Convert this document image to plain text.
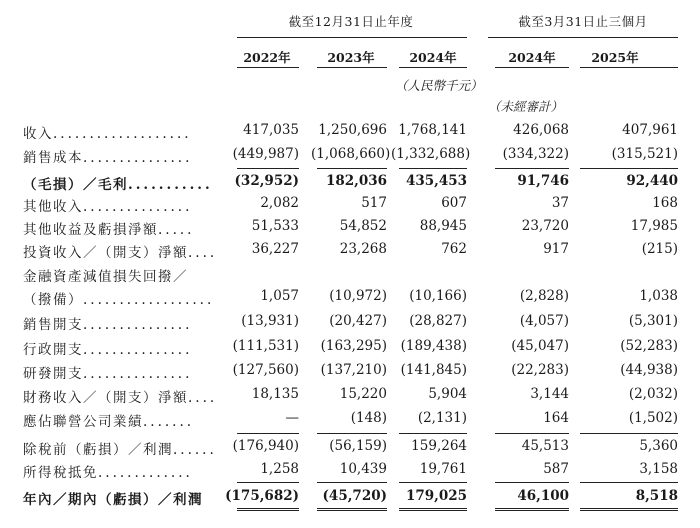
截至12月31日止年度	截至3月31日止三個月
2022年	2023年	2024年	2024年	2025年
（人民幣千元）
（未經審計）
收入...................	417,035	1,250,696 1,768,141	426,068	407,961
銷售成本...............	(449,987) (1,068,660) (1,332,688)	(334,322)	(315,521)
（毛損）／毛利...........	(32,952)	182,036	435,453	91,746	92,440
其他收入...............	2,082	517	607	37	168
其他收益及虧損淨額.....	51,533	54,852	88,945	23,720	17,985
投資收入／（開支）淨額....	36,227	23,268	762	917	(215)
金融資產減值損失回撥／
（撥備）..................	1,057	(10,972)	(10,166)	(2,828)	1,038
銷售開支...............	(13,931)	(20,427)	(28,827)	(4,057)	(5,301)
行政開支...............	(111,531)	(163,295)	(189,438)	(45,047)	(52,283)
研發開支...............	(127,560)	(137,210)	(141,845)	(22,283)	(44,938)
財務收入／（開支）淨額....	18,135	15,220	5,904	3,144	(2,032)
應佔聯營公司業績.......	—	(148)	(2,131)	164	(1,502)
除稅前（虧損）／利潤......	(176,940)	(56,159)	159,264	45,513	5,360
所得稅抵免.............	1,258	10,439	19,761	587	3,158
年內／期內（虧損）／利潤 (175,682)	(45,720)	179,025	46,100	8,518
